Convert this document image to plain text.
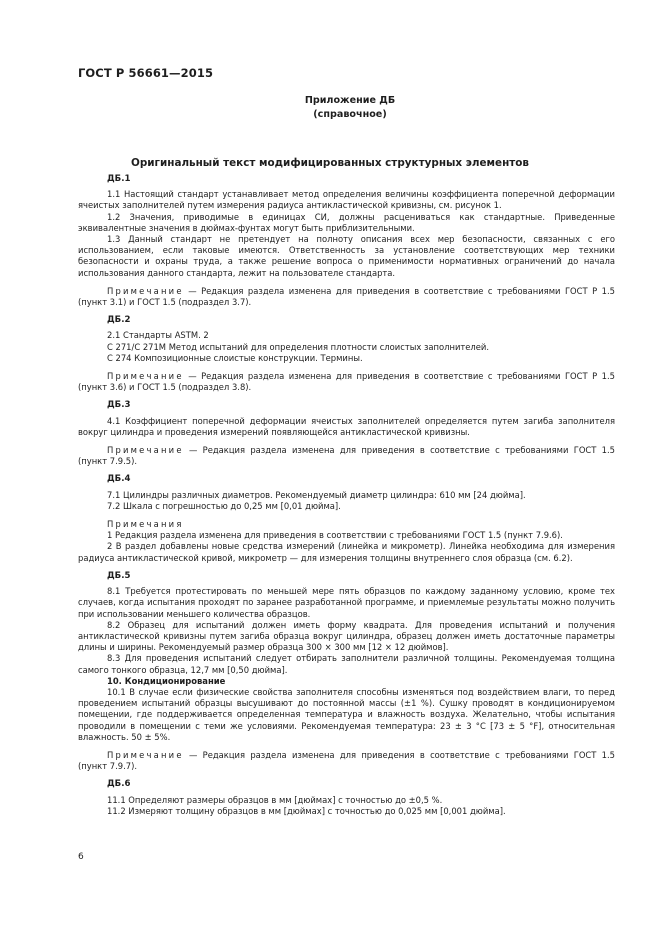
ГОСТ Р 56661—2015
Приложение ДБ
(справочное)
Оригинальный текст модифицированных структурных элементов

ДБ.1

1.1 Настоящий стандарт устанавливает метод определения величины коэффициента поперечной деформации ячеистых заполнителей путем измерения радиуса антикластической кривизны, см. рисунок 1.

1.2 Значения, приводимые в единицах СИ, должны расцениваться как стандартные. Приведенные эквивалентные значения в дюймах-фунтах могут быть приблизительными.

1.3 Данный стандарт не претендует на полноту описания всех мер безопасности, связанных с его использованием, если таковые имеются. Ответственность за установление соответствующих мер техники безопасности и охраны труда, а также решение вопроса о применимости нормативных ограничений до начала использования данного стандарта, лежит на пользователе стандарта.

Примечание — Редакция раздела изменена для приведения в соответствие с требованиями ГОСТ Р 1.5 (пункт 3.1) и ГОСТ 1.5 (подраздел 3.7).

ДБ.2

2.1 Стандарты ASTM. 2

С 271/С 271М Метод испытаний для определения плотности слоистых заполнителей.

С 274 Композиционные слоистые конструкции. Термины.

Примечание — Редакция раздела изменена для приведения в соответствие с требованиями ГОСТ Р 1.5 (пункт 3.6) и ГОСТ 1.5 (подраздел 3.8).

ДБ.3

4.1 Коэффициент поперечной деформации ячеистых заполнителей определяется путем загиба заполнителя вокруг цилиндра и проведения измерений появляющейся антикластической кривизны.

Примечание — Редакция раздела изменена для приведения в соответствие с требованиями ГОСТ 1.5 (пункт 7.9.5).

ДБ.4

7.1 Цилиндры различных диаметров. Рекомендуемый диаметр цилиндра: 610 мм [24 дюйма].

7.2 Шкала с погрешностью до 0,25 мм [0,01 дюйма].

Примечания

1 Редакция раздела изменена для приведения в соответствии с требованиями ГОСТ 1.5 (пункт 7.9.6).

2 В раздел добавлены новые средства измерений (линейка и микрометр). Линейка необходима для измерения радиуса антикластической кривой, микрометр — для измерения толщины внутреннего слоя образца (см. 6.2).

ДБ.5

8.1 Требуется протестировать по меньшей мере пять образцов по каждому заданному условию, кроме тех случаев, когда испытания проходят по заранее разработанной программе, и приемлемые результаты можно получить при использовании меньшего количества образцов.

8.2 Образец для испытаний должен иметь форму квадрата. Для проведения испытаний и получения антикластической кривизны путем загиба образца вокруг цилиндра, образец должен иметь достаточные параметры длины и ширины. Рекомендуемый размер образца 300 × 300 мм [12 × 12 дюймов].

8.3 Для проведения испытаний следует отбирать заполнители различной толщины. Рекомендуемая толщина самого тонкого образца, 12,7 мм [0,50 дюйма].

10. Кондиционирование

10.1 В случае если физические свойства заполнителя способны изменяться под воздействием влаги, то перед проведением испытаний образцы высушивают до постоянной массы (±1 %). Сушку проводят в кондиционируемом помещении, где поддерживается определенная температура и влажность воздуха. Желательно, чтобы испытания проводили в помещении с теми же условиями. Рекомендуемая температура: 23 ± 3 °С [73 ± 5 °F], относительная влажность. 50 ± 5%.

Примечание — Редакция раздела изменена для приведения в соответствие с требованиями ГОСТ 1.5 (пункт 7.9.7).

ДБ.6

11.1 Определяют размеры образцов в мм [дюймах] с точностью до ±0,5 %.

11.2 Измеряют толщину образцов в мм [дюймах] с точностью до 0,025 мм [0,001 дюйма].

6
